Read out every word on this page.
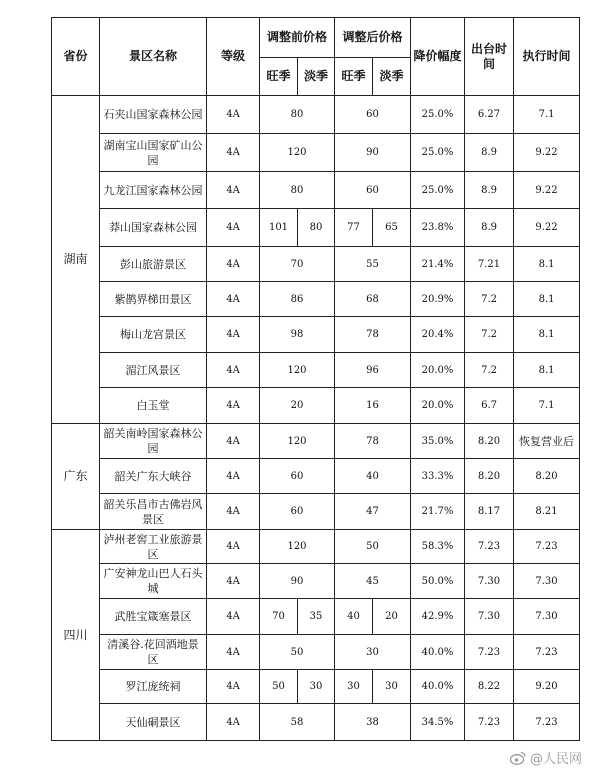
省份	景区名称	等级	调整前价格		调整后价格		降价幅度	出台时间	执行时间
			旺季	淡季	旺季	淡季			
湖南	石夹山国家森林公园	4A	80		60		25.0%	6.27	7.1
	湖南宝山国家矿山公园	4A	120		90		25.0%	8.9	9.22
	九龙江国家森林公园	4A	80		60		25.0%	8.9	9.22
	莽山国家森林公园	4A	101	80	77	65	23.8%	8.9	9.22
	彭山旅游景区	4A	70		55		21.4%	7.21	8.1
	紫鹊界梯田景区	4A	86		68		20.9%	7.2	8.1
	梅山龙宫景区	4A	98		78		20.4%	7.2	8.1
	湄江风景区	4A	120		96		20.0%	7.2	8.1
	白玉堂	4A	20		16		20.0%	6.7	7.1
广东	韶关南岭国家森林公园	4A	120		78		35.0%	8.20	恢复营业后
	韶关广东大峡谷	4A	60		40		33.3%	8.20	8.20
	韶关乐昌市古佛岩风景区	4A	60		47		21.7%	8.17	8.21
四川	泸州老窖工业旅游景区	4A	120		50		58.3%	7.23	7.23
	广安神龙山巴人石头城	4A	90		45		50.0%	7.30	7.30
	武胜宝箴塞景区	4A	70	35	40	20	42.9%	7.30	7.30
	清溪谷.花回酒地景区	4A	50		30		40.0%	7.23	7.23
	罗江庞统祠	4A	50	30	30	30	40.0%	8.22	9.20
	天仙硐景区	4A	58		38		34.5%	7.23	7.23
@人民网
